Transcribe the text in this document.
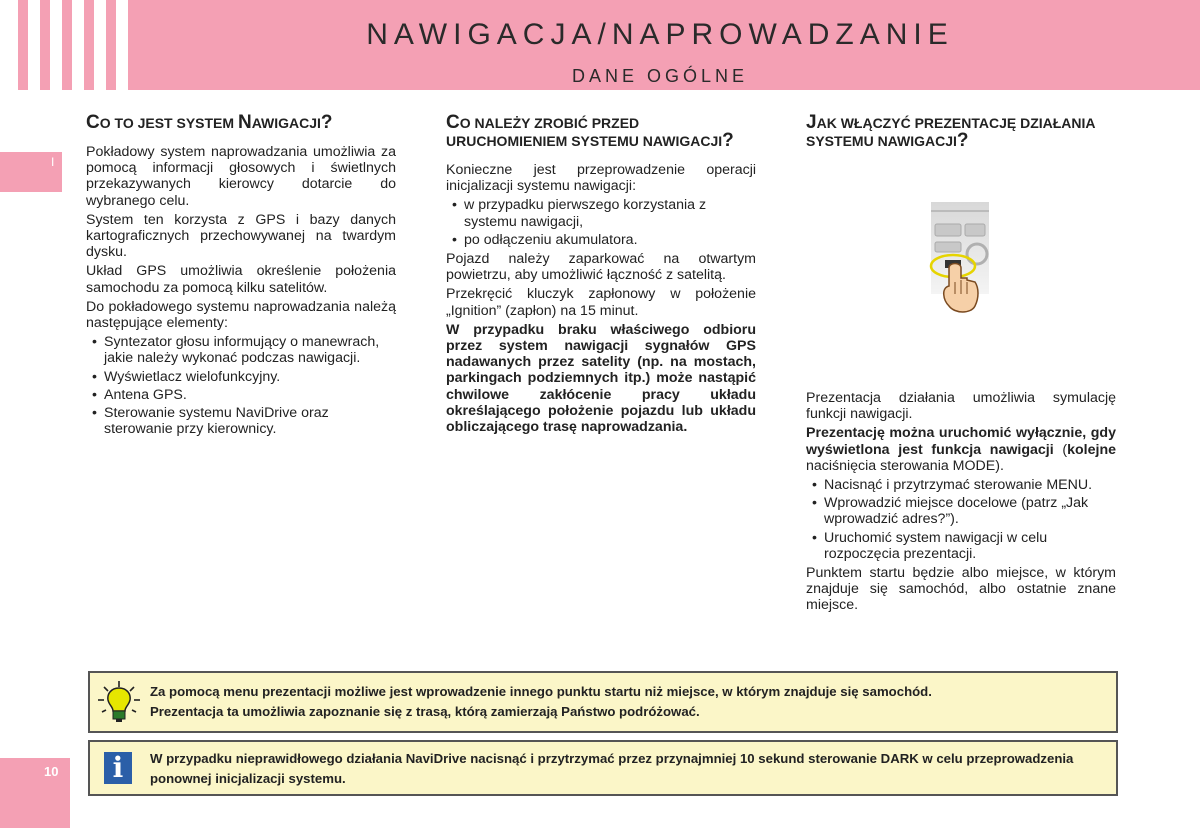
NAWIGACJA/NAPROWADZANIE
DANE OGÓLNE
I
10
CO TO JEST SYSTEM NAWIGACJI?

Pokładowy system naprowadzania umożliwia za pomocą informacji głosowych i świetlnych przekazywanych kierowcy dotarcie do wybranego celu.

System ten korzysta z GPS i bazy danych kartograficznych przechowywanej na twardym dysku.

Układ GPS umożliwia określenie położenia samochodu za pomocą kilku satelitów.

Do pokładowego systemu naprowadzania należą następujące elementy:

• Syntezator głosu informujący o manewrach, jakie należy wykonać podczas nawigacji.
• Wyświetlacz wielofunkcyjny.
• Antena GPS.
• Sterowanie systemu NaviDrive oraz sterowanie przy kierownicy.
CO NALEŻY ZROBIĆ PRZED URUCHOMIENIEM SYSTEMU NAWIGACJI?

Konieczne jest przeprowadzenie operacji inicjalizacji systemu nawigacji:

• w przypadku pierwszego korzystania z systemu nawigacji,
• po odłączeniu akumulatora.

Pojazd należy zaparkować na otwartym powietrzu, aby umożliwić łączność z satelitą.

Przekręcić kluczyk zapłonowy w położenie „Ignition” (zapłon) na 15 minut.

W przypadku braku właściwego odbioru przez system nawigacji sygnałów GPS nadawanych przez satelity (np. na mostach, parkingach podziemnych itp.) może nastąpić chwilowe zakłócenie pracy układu określającego położenie pojazdu lub układu obliczającego trasę naprowadzania.

JAK WŁĄCZYĆ PREZENTACJĘ DZIAŁANIA SYSTEMU NAWIGACJI?

Prezentacja działania umożliwia symulację funkcji nawigacji.

Prezentację można uruchomić wyłącznie, gdy wyświetlona jest funkcja nawigacji (kolejne naciśnięcia sterowania MODE).

• Nacisnąć i przytrzymać sterowanie MENU.
• Wprowadzić miejsce docelowe (patrz „Jak wprowadzić adres?”).
• Uruchomić system nawigacji w celu rozpoczęcia prezentacji.

Punktem startu będzie albo miejsce, w którym znajduje się samochód, albo ostatnie znane miejsce.

Za pomocą menu prezentacji możliwe jest wprowadzenie innego punktu startu niż miejsce, w którym znajduje się samochód.
Prezentacja ta umożliwia zapoznanie się z trasą, którą zamierzają Państwo podróżować.
i	W przypadku nieprawidłowego działania NaviDrive nacisnąć i przytrzymać przez przynajmniej 10 sekund sterowanie DARK w celu przeprowadzenia ponownej inicjalizacji systemu.
